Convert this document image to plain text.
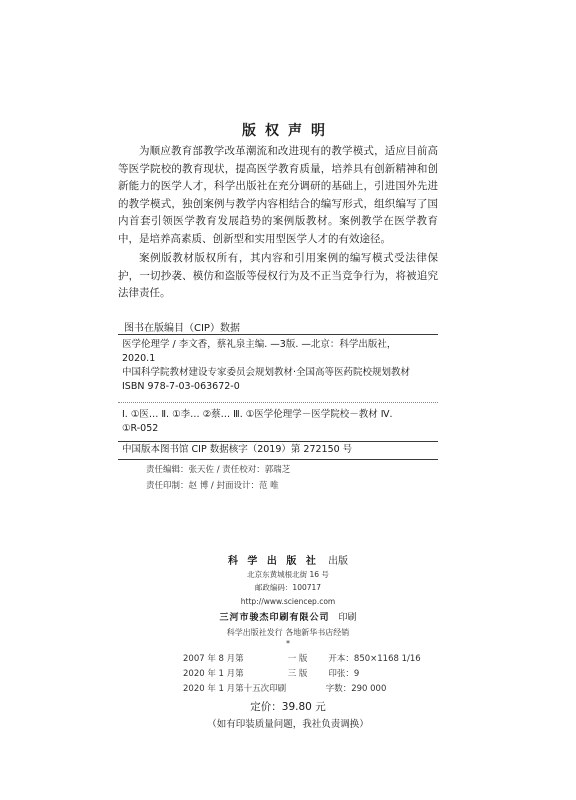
版权声明

为顺应教育部教学改革潮流和改进现有的教学模式，适应目前高等医学院校的教育现状，提高医学教育质量，培养具有创新精神和创新能力的医学人才，科学出版社在充分调研的基础上，引进国外先进的教学模式，独创案例与教学内容相结合的编写形式，组织编写了国内首套引领医学教育发展趋势的案例版教材。案例教学在医学教育中，是培养高素质、创新型和实用型医学人才的有效途径。

案例版教材版权所有，其内容和引用案例的编写模式受法律保护，一切抄袭、模仿和盗版等侵权行为及不正当竞争行为，将被追究法律责任。

图书在版编目（CIP）数据
医学伦理学 / 李文香，蔡礼泉主编. —3版. —北京：科学出版社，
2020.1
中国科学院教材建设专家委员会规划教材·全国高等医药院校规划教材
ISBN 978-7-03-063672-0
Ⅰ. ①医… Ⅱ. ①李… ②蔡… Ⅲ. ①医学伦理学－医学院校－教材 Ⅳ.
①R-052
中国版本图书馆 CIP 数据核字（2019）第 272150 号
责任编辑：张天佐 / 责任校对：郭瑞芝
责任印制：赵 博 / 封面设计：范 唯
科 学 出 版 社 出版
北京东黄城根北街 16 号
邮政编码：100717
http://www.sciencep.com
三河市骏杰印刷有限公司 印刷
科学出版社发行 各地新华书店经销
*
2007 年 8 月第	一 版 开本：850×1168 1/16
2020 年 1 月第	三 版 印张：9
2020 年 1 月第十五次印刷	字数：290 000
定价：39.80 元
（如有印装质量问题，我社负责调换）
